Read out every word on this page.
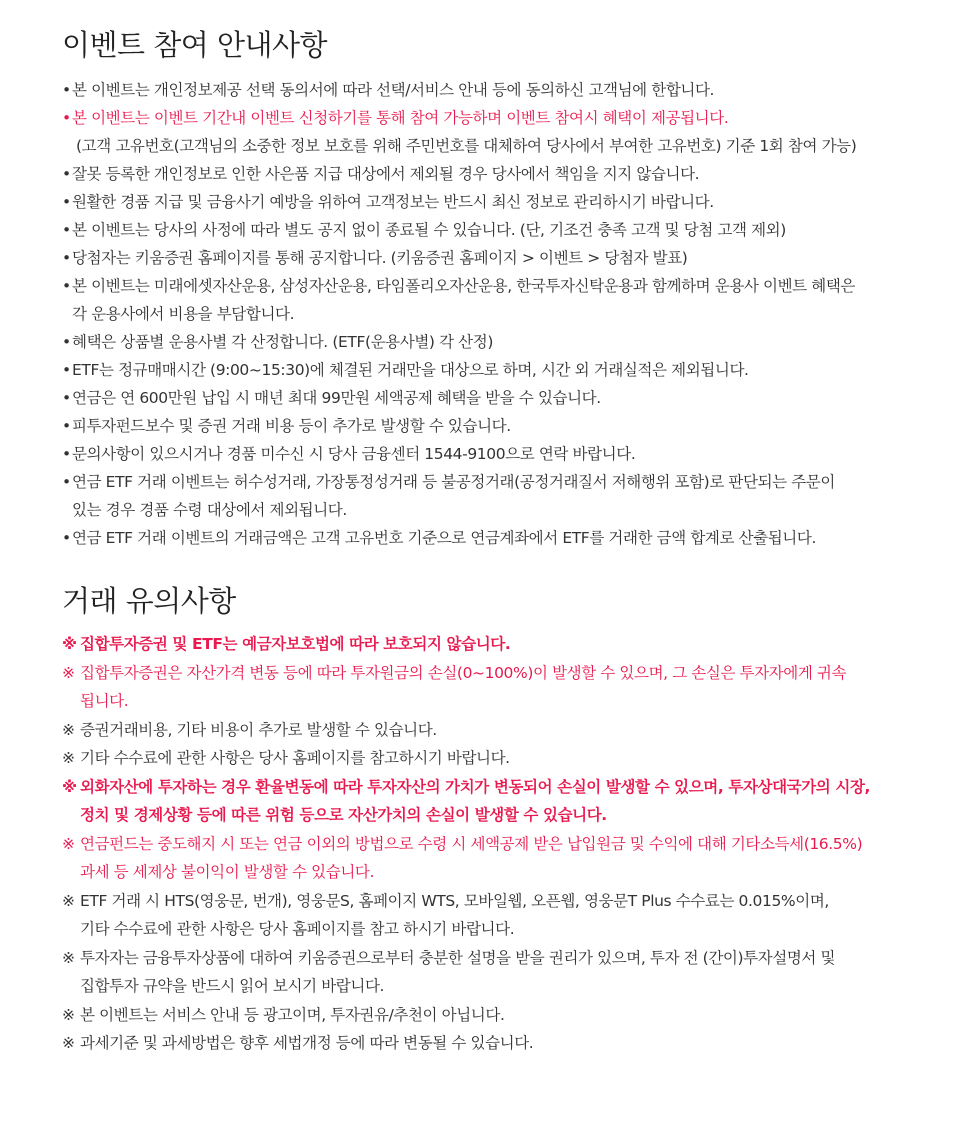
이벤트 참여 안내사항
• 본 이벤트는 개인정보제공 선택 동의서에 따라 선택/서비스 안내 등에 동의하신 고객님에 한합니다.
• 본 이벤트는 이벤트 기간내 이벤트 신청하기를 통해 참여 가능하며 이벤트 참여시 혜택이 제공됩니다.
(고객 고유번호(고객님의 소중한 정보 보호를 위해 주민번호를 대체하여 당사에서 부여한 고유번호) 기준 1회 참여 가능)
• 잘못 등록한 개인정보로 인한 사은품 지급 대상에서 제외될 경우 당사에서 책임을 지지 않습니다.
• 원활한 경품 지급 및 금융사기 예방을 위하여 고객정보는 반드시 최신 정보로 관리하시기 바랍니다.
• 본 이벤트는 당사의 사정에 따라 별도 공지 없이 종료될 수 있습니다. (단, 기조건 충족 고객 및 당첨 고객 제외)
• 당첨자는 키움증권 홈페이지를 통해 공지합니다. (키움증권 홈페이지 > 이벤트 > 당첨자 발표)
• 본 이벤트는 미래에셋자산운용, 삼성자산운용, 타임폴리오자산운용, 한국투자신탁운용과 함께하며 운용사 이벤트 혜택은
각 운용사에서 비용을 부담합니다.
• 혜택은 상품별 운용사별 각 산정합니다. (ETF(운용사별) 각 산정)
• ETF는 정규매매시간 (9:00~15:30)에 체결된 거래만을 대상으로 하며, 시간 외 거래실적은 제외됩니다.
• 연금은 연 600만원 납입 시 매년 최대 99만원 세액공제 혜택을 받을 수 있습니다.
• 피투자펀드보수 및 증권 거래 비용 등이 추가로 발생할 수 있습니다.
• 문의사항이 있으시거나 경품 미수신 시 당사 금융센터 1544-9100으로 연락 바랍니다.
• 연금 ETF 거래 이벤트는 허수성거래, 가장통정성거래 등 불공정거래(공정거래질서 저해행위 포함)로 판단되는 주문이
있는 경우 경품 수령 대상에서 제외됩니다.
• 연금 ETF 거래 이벤트의 거래금액은 고객 고유번호 기준으로 연금계좌에서 ETF를 거래한 금액 합계로 산출됩니다.
거래 유의사항
※ 집합투자증권 및 ETF는 예금자보호법에 따라 보호되지 않습니다.
※ 집합투자증권은 자산가격 변동 등에 따라 투자원금의 손실(0~100%)이 발생할 수 있으며, 그 손실은 투자자에게 귀속
됩니다.
※ 증권거래비용, 기타 비용이 추가로 발생할 수 있습니다.
※ 기타 수수료에 관한 사항은 당사 홈페이지를 참고하시기 바랍니다.
※ 외화자산에 투자하는 경우 환율변동에 따라 투자자산의 가치가 변동되어 손실이 발생할 수 있으며, 투자상대국가의 시장,
정치 및 경제상황 등에 따른 위험 등으로 자산가치의 손실이 발생할 수 있습니다.
※ 연금펀드는 중도해지 시 또는 연금 이외의 방법으로 수령 시 세액공제 받은 납입원금 및 수익에 대해 기타소득세(16.5%)
과세 등 세제상 불이익이 발생할 수 있습니다.
※ ETF 거래 시 HTS(영웅문, 번개), 영웅문S, 홈페이지 WTS, 모바일웹, 오픈웹, 영웅문T Plus 수수료는 0.015%이며,
기타 수수료에 관한 사항은 당사 홈페이지를 참고 하시기 바랍니다.
※ 투자자는 금융투자상품에 대하여 키움증권으로부터 충분한 설명을 받을 권리가 있으며, 투자 전 (간이)투자설명서 및
집합투자 규약을 반드시 읽어 보시기 바랍니다.
※ 본 이벤트는 서비스 안내 등 광고이며, 투자권유/추천이 아닙니다.
※ 과세기준 및 과세방법은 향후 세법개정 등에 따라 변동될 수 있습니다.
